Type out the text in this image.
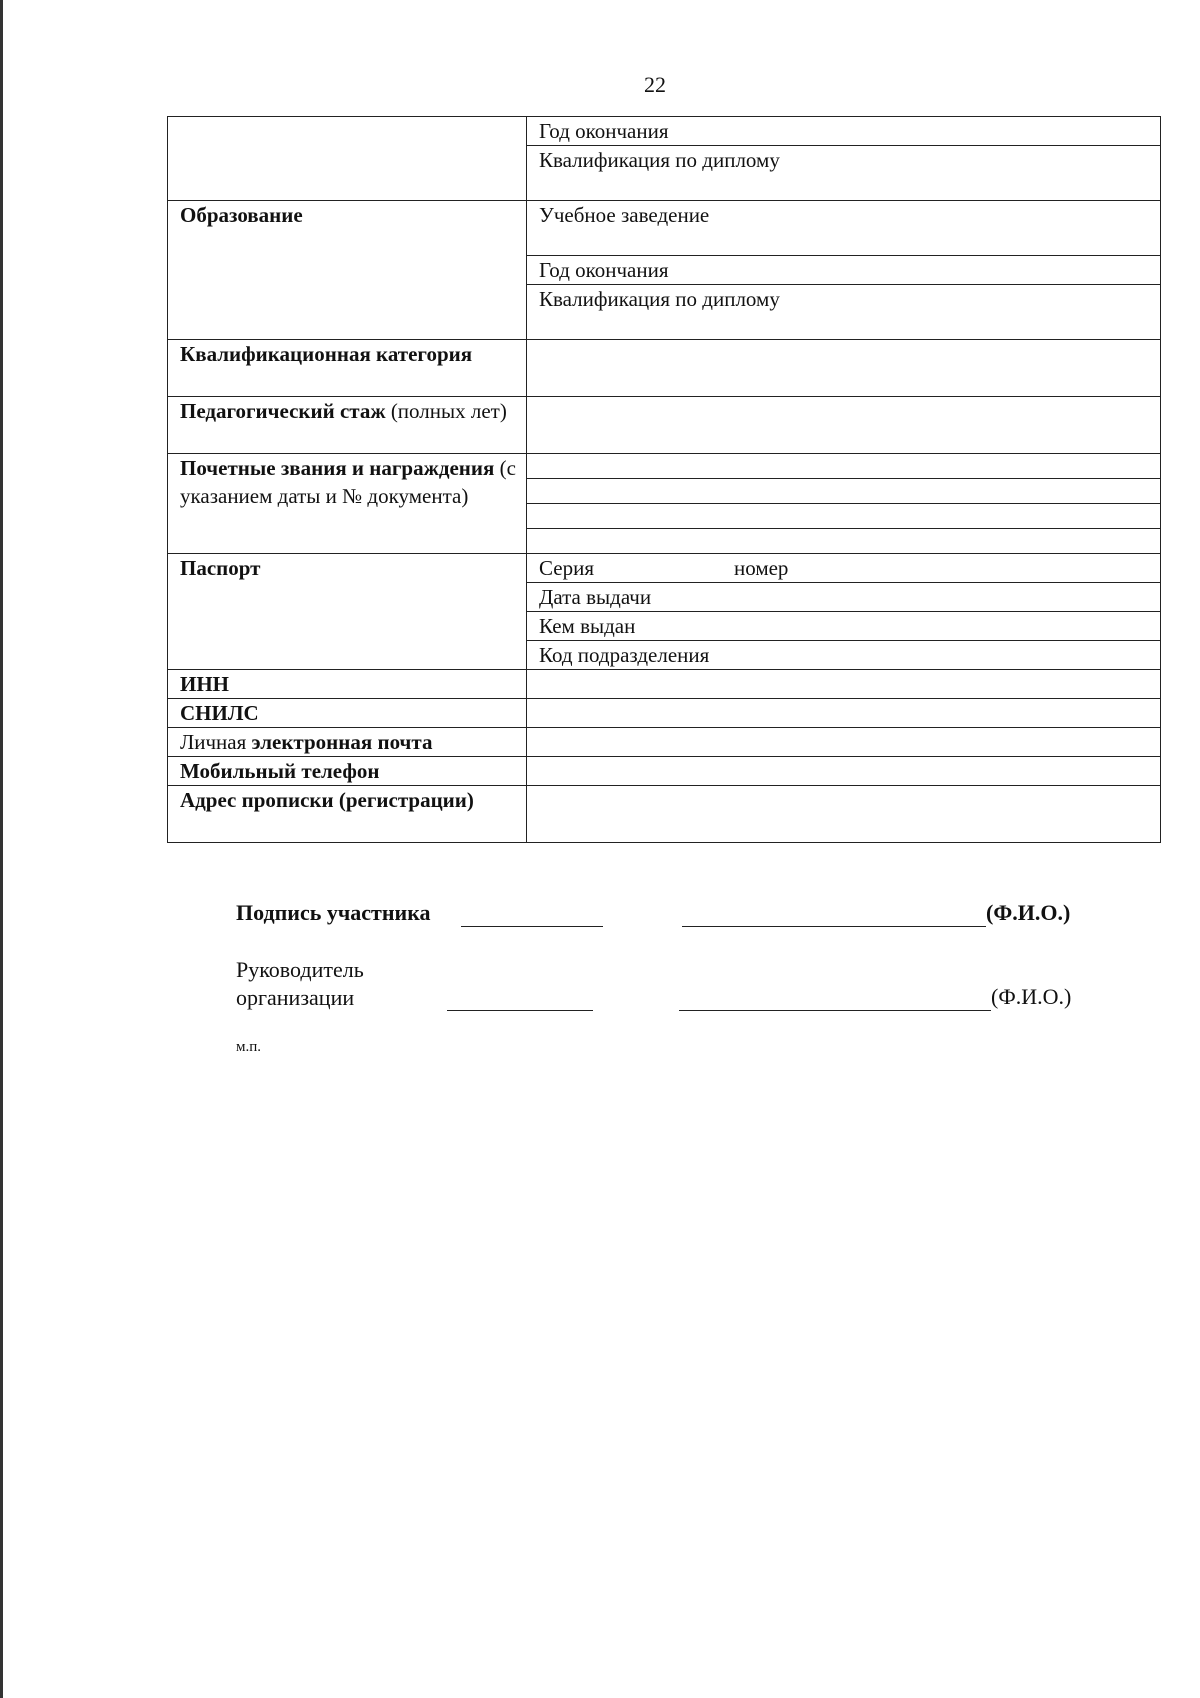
22
	Год окончания
	Квалификация по диплому
Образование	Учебное заведение
	Год окончания
	Квалификация по диплому
Квалификационная категория	
Педагогический стаж (полных лет)	
Почетные звания и награждения (с указанием даты и № документа)	

Паспорт	Серия номер
	Дата выдачи
	Кем выдан
	Код подразделения
ИНН	
СНИЛС	
Личная электронная почта	
Мобильный телефон	
Адрес прописки (регистрации)	
Подпись участника	(Ф.И.О.)
Руководитель
организации	(Ф.И.О.)
м.п.
